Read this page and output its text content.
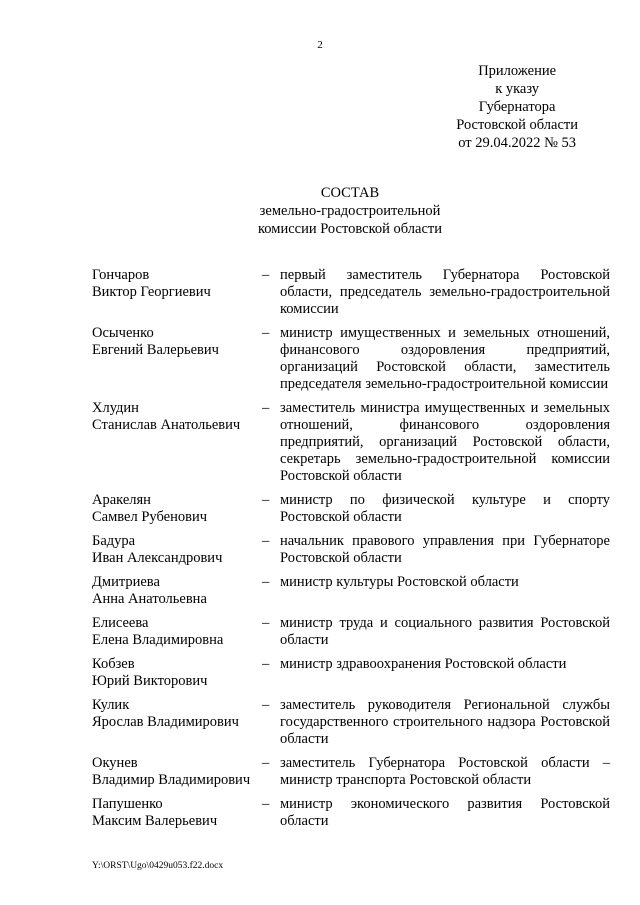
2
Приложение
к указу
Губернатора
Ростовской области
от 29.04.2022 № 53
СОСТАВ
земельно-градостроительной
комиссии Ростовской области
Гончаров
Виктор Георгиевич
– первый заместитель Губернатора Ростовской области, председатель земельно-градостроительной комиссии
Осыченко
Евгений Валерьевич
– министр имущественных и земельных отношений, финансового оздоровления предприятий, организаций Ростовской области, заместитель председателя земельно-градостроительной комиссии
Хлудин
Станислав Анатольевич
– заместитель министра имущественных и земельных отношений, финансового оздоровления предприятий, организаций Ростовской области, секретарь земельно-градостроительной комиссии Ростовской области
Аракелян
Самвел Рубенович
– министр по физической культуре и спорту Ростовской области
Бадура
Иван Александрович
– начальник правового управления при Губернаторе Ростовской области
Дмитриева
Анна Анатольевна
– министр культуры Ростовской области
Елисеева
Елена Владимировна
– министр труда и социального развития Ростовской области
Кобзев
Юрий Викторович
– министр здравоохранения Ростовской области
Кулик
Ярослав Владимирович
– заместитель руководителя Региональной службы государственного строительного надзора Ростовской области
Окунев
Владимир Владимирович
– заместитель Губернатора Ростовской области – министр транспорта Ростовской области
Папушенко
Максим Валерьевич
– министр экономического развития Ростовской области
Y:\ORST\Ugo\0429u053.f22.docx
